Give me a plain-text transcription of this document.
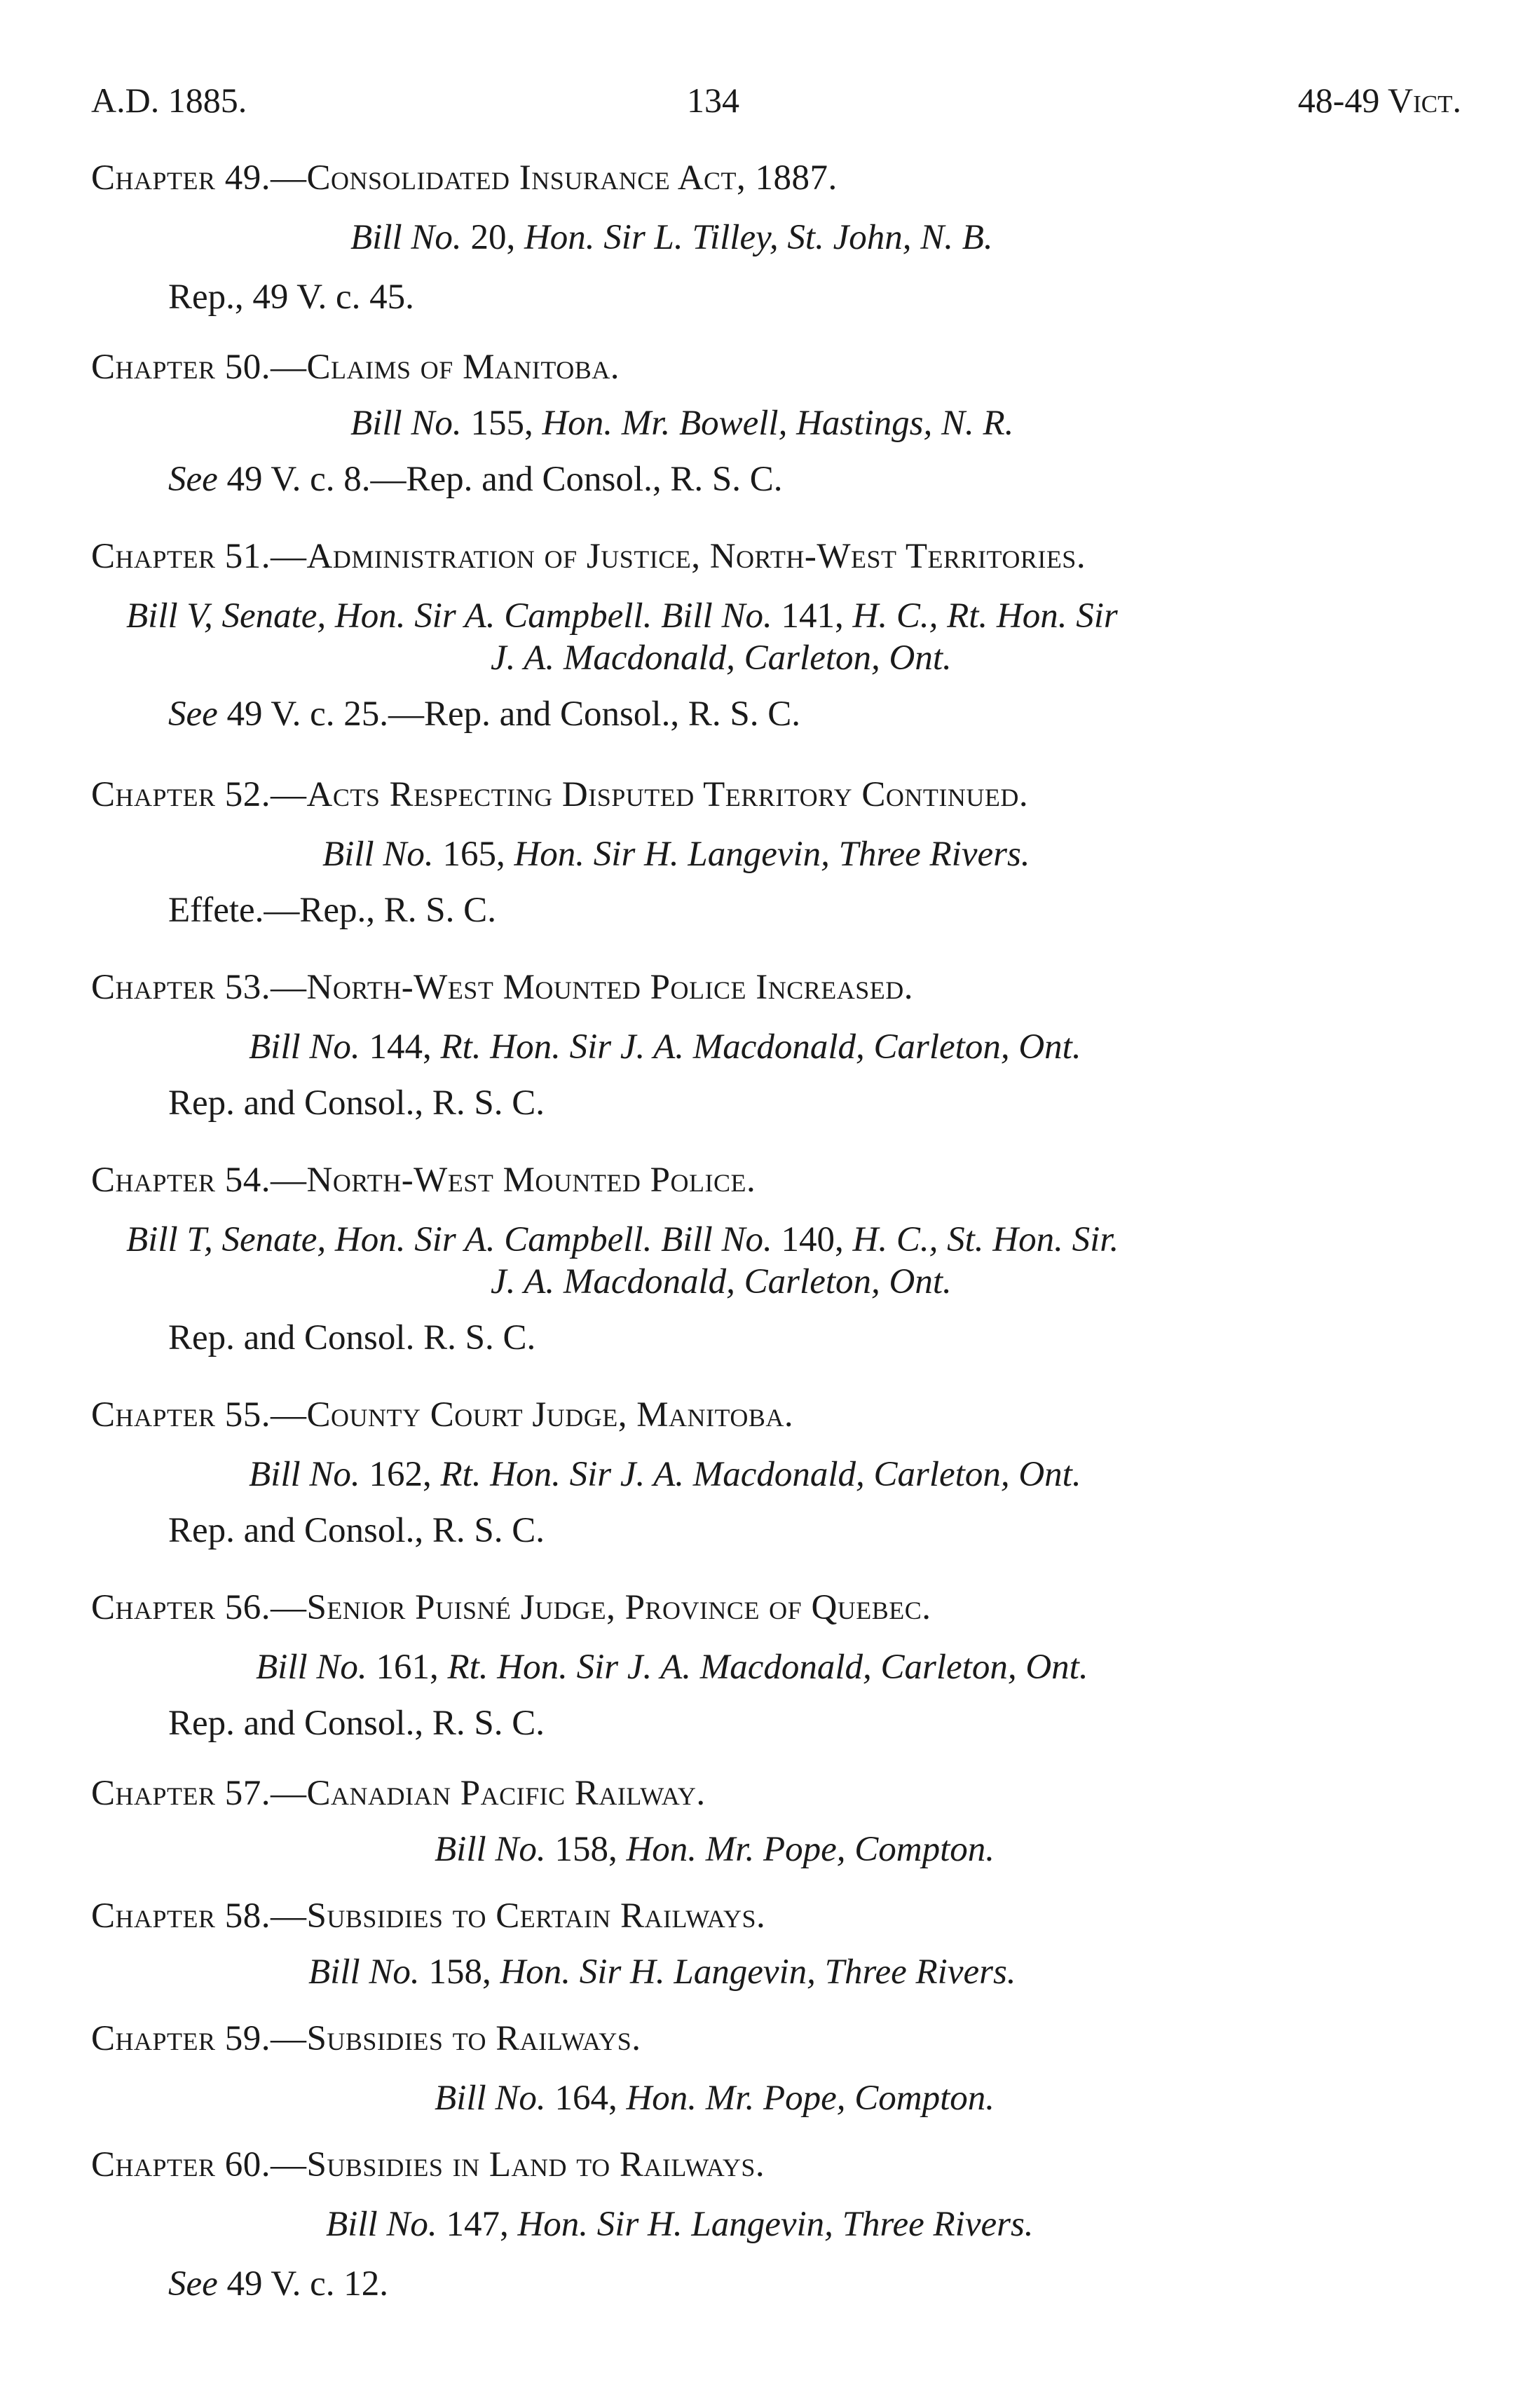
A.D. 1885.	134	48-49 Vict.
Chapter 49.—Consolidated Insurance Act, 1887.
Bill No. 20, Hon. Sir L. Tilley, St. John, N. B.
Rep., 49 V. c. 45.
Chapter 50.—Claims of Manitoba.
Bill No. 155, Hon. Mr. Bowell, Hastings, N. R.
See 49 V. c. 8.—Rep. and Consol., R. S. C.
Chapter 51.—Administration of Justice, North-West Territories.
Bill V, Senate, Hon. Sir A. Campbell. Bill No. 141, H. C., Rt. Hon. Sir
J. A. Macdonald, Carleton, Ont.
See 49 V. c. 25.—Rep. and Consol., R. S. C.
Chapter 52.—Acts Respecting Disputed Territory Continued.
Bill No. 165, Hon. Sir H. Langevin, Three Rivers.
Effete.—Rep., R. S. C.
Chapter 53.—North-West Mounted Police Increased.
Bill No. 144, Rt. Hon. Sir J. A. Macdonald, Carleton, Ont.
Rep. and Consol., R. S. C.
Chapter 54.—North-West Mounted Police.
Bill T, Senate, Hon. Sir A. Campbell. Bill No. 140, H. C., St. Hon. Sir.
J. A. Macdonald, Carleton, Ont.
Rep. and Consol. R. S. C.
Chapter 55.—County Court Judge, Manitoba.
Bill No. 162, Rt. Hon. Sir J. A. Macdonald, Carleton, Ont.
Rep. and Consol., R. S. C.
Chapter 56.—Senior Puisné Judge, Province of Quebec.
Bill No. 161, Rt. Hon. Sir J. A. Macdonald, Carleton, Ont.
Rep. and Consol., R. S. C.
Chapter 57.—Canadian Pacific Railway.
Bill No. 158, Hon. Mr. Pope, Compton.
Chapter 58.—Subsidies to Certain Railways.
Bill No. 158, Hon. Sir H. Langevin, Three Rivers.
Chapter 59.—Subsidies to Railways.
Bill No. 164, Hon. Mr. Pope, Compton.
Chapter 60.—Subsidies in Land to Railways.
Bill No. 147, Hon. Sir H. Langevin, Three Rivers.
See 49 V. c. 12.
